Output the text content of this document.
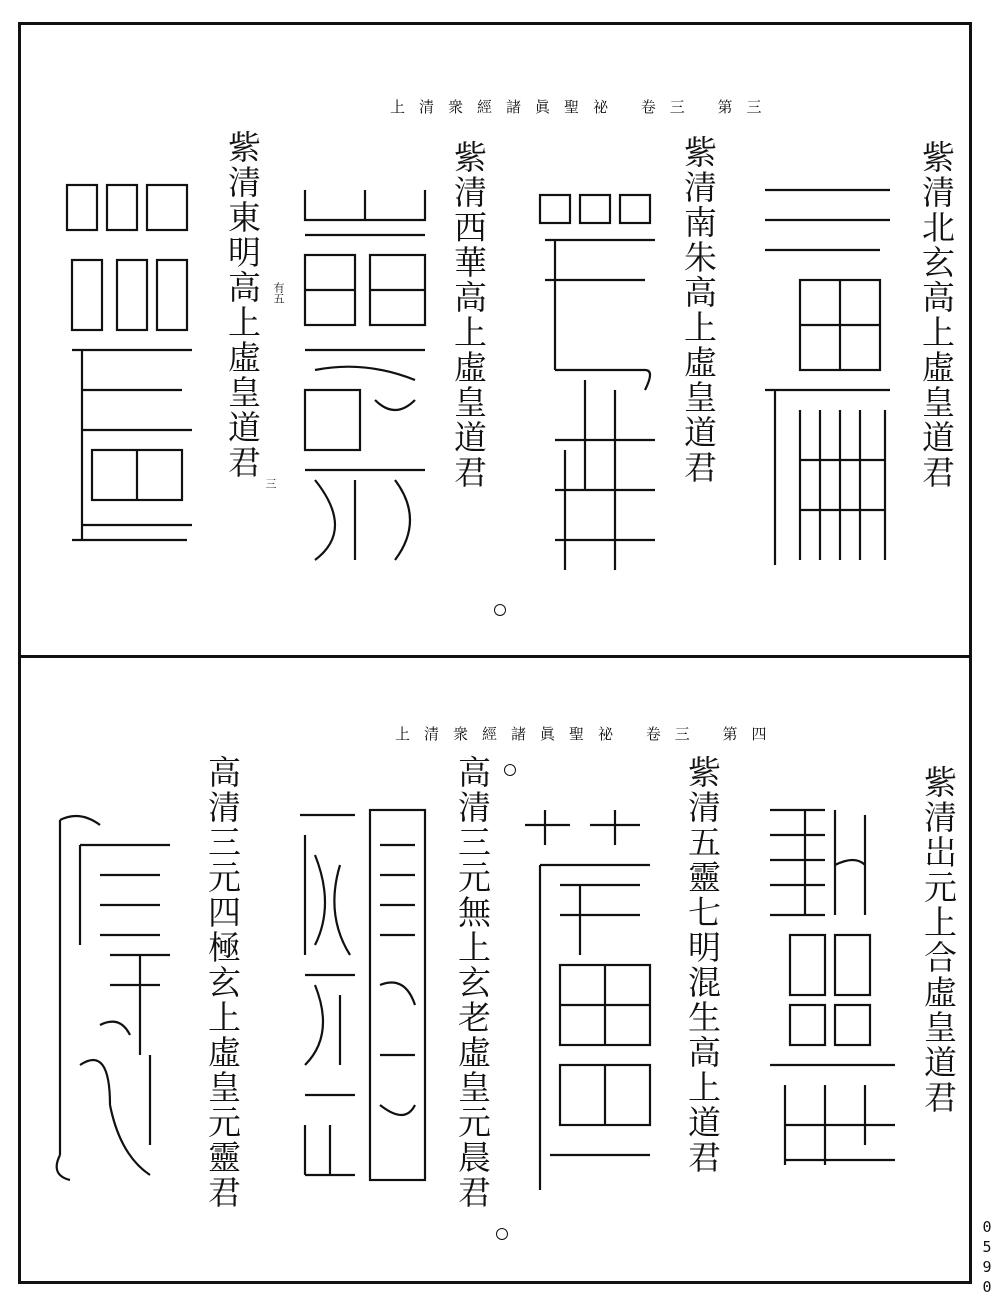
上清衆經諸眞聖祕 卷三 第三
紫清北玄高上虛皇道君
紫清南朱高上虛皇道君
紫清西華高上虛皇道君
紫清東明高上虛皇道君 有五
三
上清衆經諸眞聖祕 卷三 第四
紫清岀元上合虛皇道君
紫清五靈七明混生高上道君
高清三元無上玄老虛皇元晨君
高清三元四極玄上虛皇元靈君
0590
